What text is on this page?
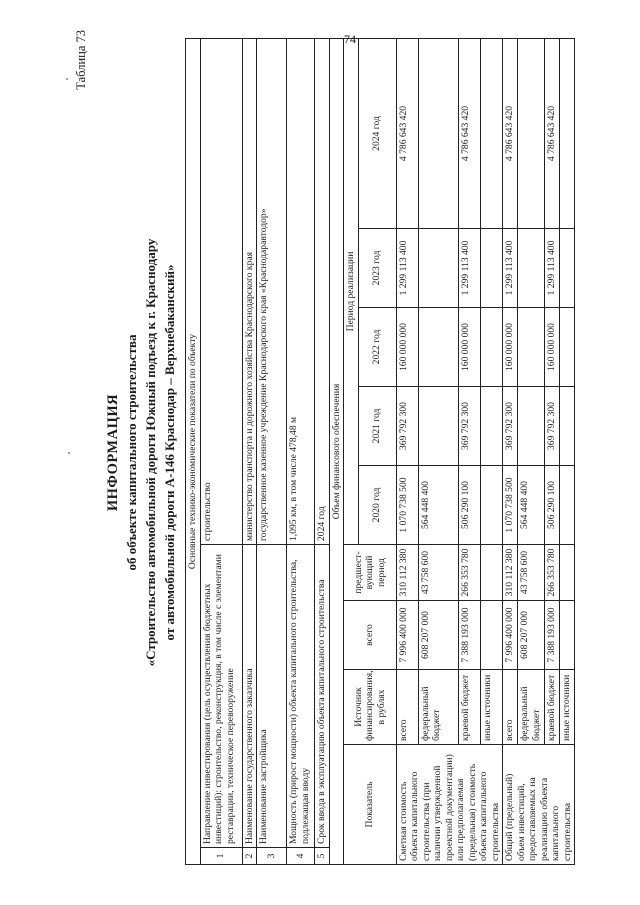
74
Таблица 73
ИНФОРМАЦИЯ об объекте капитального строительства «Строительство автомобильной дороги Южный подъезд к г. Краснодару от автомобильной дороги А-146 Краснодар – Верхнебаканский» Основные технико-экономические показатели по объекту									
1	Направление инвестирования (цель осуществления бюджетных инвестиций): строительство, реконструкция, в том числе с элементами реставрации, техническое перевооружение				строительство				
2	Наименование государственного заказчика				министерство транспорта и дорожного хозяйства Краснодарского края				
3	Наименование застройщика				государственное казенное учреждение Краснодарского края «Краснодаравтодор»				
4	Мощность (прирост мощности) объекта капитального строительства, подлежащая вводу				1,095 км, в том числе 478,48 м				
5	Срок ввода в эксплуатацию объекта капитального строительства				2024 год				
Объем финансового обеспечения									
Показатель		Источник финансирования, в рублях	всего	предшест-вующий период	Период реализации				
					2020 год	2021 год	2022 год	2023 год	2024 год
Сметная стоимость объекта капитального строительства (при наличии утвержденной проектной документации) или предполагаемая (предельная) стоимость объекта капитального строительства		всего	7 996 400 000	310 112 380	1 070 738 500	369 792 300	160 000 000	1 299 113 400	4 786 643 420
		федеральный бюджет	608 207 000	43 758 600	564 448 400				
		краевой бюджет	7 388 193 000	266 353 780	506 290 100	369 792 300	160 000 000	1 299 113 400	4 786 643 420
		иные источники							
Общий (предельный) объем инвестиций, предоставляемых на реализацию объекта капитального строительства		всего	7 996 400 000	310 112 380	1 070 738 500	369 792 300	160 000 000	1 299 113 400	4 786 643 420
		федеральный бюджет	608 207 000	43 758 600	564 448 400				
		краевой бюджет	7 388 193 000	266 353 780	506 290 100	369 792 300	160 000 000	1 299 113 400	4 786 643 420
		иные источники							
